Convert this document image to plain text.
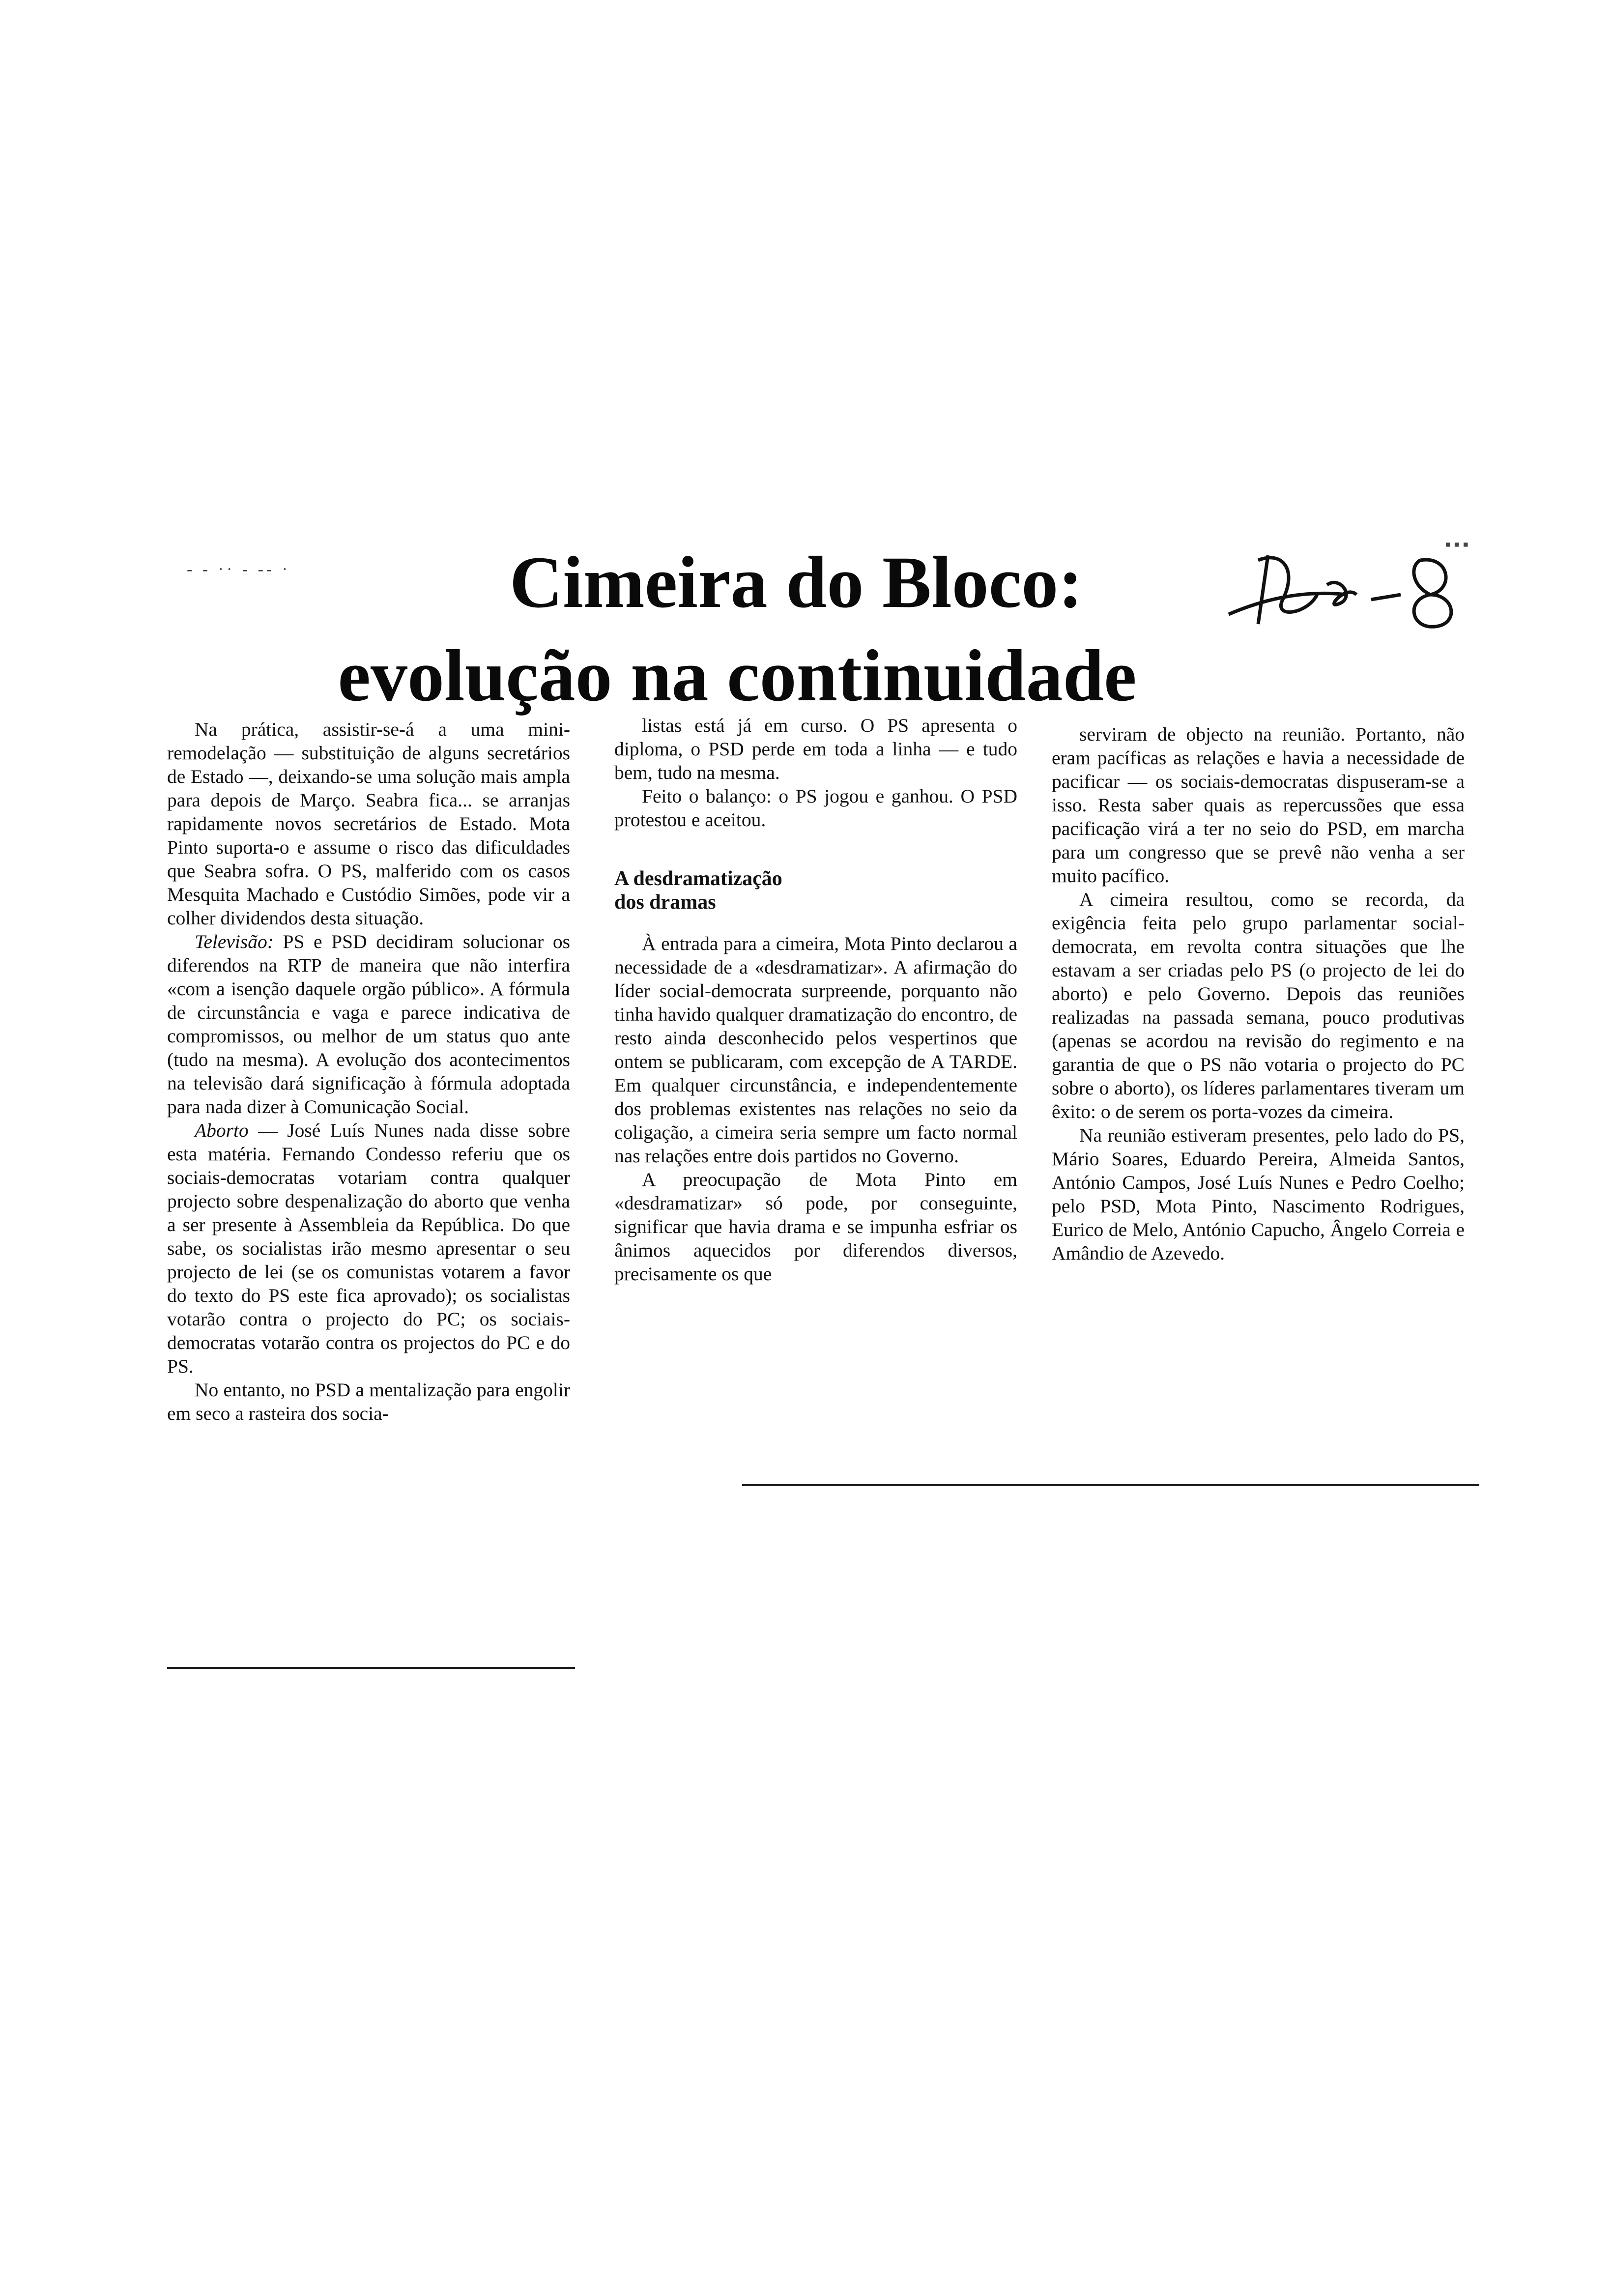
- - ·· - -- ·
▪▪▪
Cimeira do Bloco:
evolução na continuidade

Na prática, assistir-se-á a uma mini-remodelação — substituição de alguns secretários de Estado —, deixando-se uma solução mais ampla para depois de Março. Seabra fica... se arranjas rapidamente novos secretários de Estado. Mota Pinto suporta-o e assume o risco das dificuldades que Seabra sofra. O PS, malferido com os casos Mesquita Machado e Custódio Simões, pode vir a colher dividendos desta situação.

Televisão: PS e PSD decidiram solucionar os diferendos na RTP de maneira que não interfira «com a isenção daquele orgão público». A fórmula de circunstância e vaga e parece indicativa de compromissos, ou melhor de um status quo ante (tudo na mesma). A evolução dos acontecimentos na televisão dará significação à fórmula adoptada para nada dizer à Comunicação Social.

Aborto — José Luís Nunes nada disse sobre esta matéria. Fernando Condesso referiu que os sociais-democratas votariam contra qualquer projecto sobre despenalização do aborto que venha a ser presente à Assembleia da República. Do que sabe, os socialistas irão mesmo apresentar o seu projecto de lei (se os comunistas votarem a favor do texto do PS este fica aprovado); os socialistas votarão contra o projecto do PC; os sociais-democratas votarão contra os projectos do PC e do PS.

No entanto, no PSD a mentalização para engolir em seco a rasteira dos socia-

listas está já em curso. O PS apresenta o diploma, o PSD perde em toda a linha — e tudo bem, tudo na mesma.

Feito o balanço: o PS jogou e ganhou. O PSD protestou e aceitou.

A desdramatização
dos dramas

À entrada para a cimeira, Mota Pinto declarou a necessidade de a «desdramatizar». A afirmação do líder social-democrata surpreende, porquanto não tinha havido qualquer dramatização do encontro, de resto ainda desconhecido pelos vespertinos que ontem se publicaram, com excepção de A TARDE. Em qualquer circunstância, e independentemente dos problemas existentes nas relações no seio da coligação, a cimeira seria sempre um facto normal nas relações entre dois partidos no Governo.

A preocupação de Mota Pinto em «desdramatizar» só pode, por conseguinte, significar que havia drama e se impunha esfriar os ânimos aquecidos por diferendos diversos, precisamente os que

serviram de objecto na reunião. Portanto, não eram pacíficas as relações e havia a necessidade de pacificar — os sociais-democratas dispuseram-se a isso. Resta saber quais as repercussões que essa pacificação virá a ter no seio do PSD, em marcha para um congresso que se prevê não venha a ser muito pacífico.

A cimeira resultou, como se recorda, da exigência feita pelo grupo parlamentar social-democrata, em revolta contra situações que lhe estavam a ser criadas pelo PS (o projecto de lei do aborto) e pelo Governo. Depois das reuniões realizadas na passada semana, pouco produtivas (apenas se acordou na revisão do regimento e na garantia de que o PS não votaria o projecto do PC sobre o aborto), os líderes parlamentares tiveram um êxito: o de serem os porta-vozes da cimeira.

Na reunião estiveram presentes, pelo lado do PS, Mário Soares, Eduardo Pereira, Almeida Santos, António Campos, José Luís Nunes e Pedro Coelho; pelo PSD, Mota Pinto, Nascimento Rodrigues, Eurico de Melo, António Capucho, Ângelo Correia e Amândio de Azevedo.
